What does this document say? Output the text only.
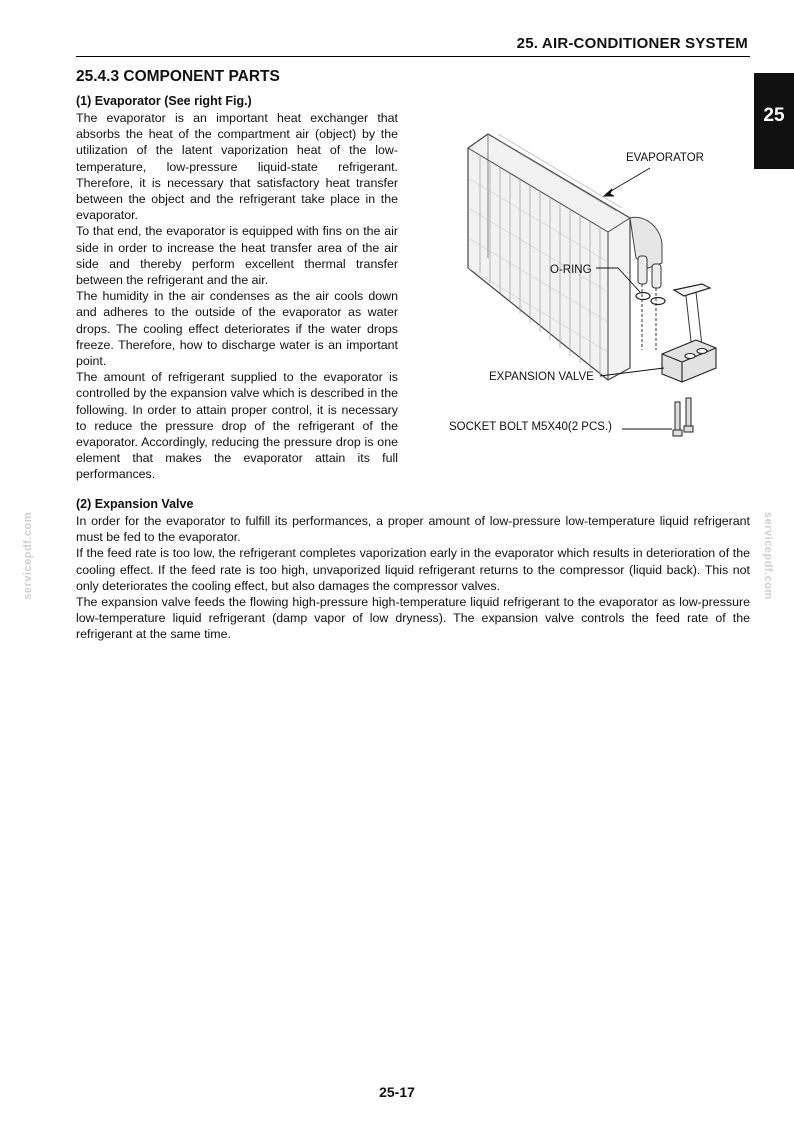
25. AIR-CONDITIONER SYSTEM
25
25.4.3 COMPONENT PARTS
(1) Evaporator (See right Fig.)

The evaporator is an important heat exchanger that absorbs the heat of the compartment air (object) by the utilization of the latent vaporization heat of the low-temperature, low-pressure liquid-state refrigerant. Therefore, it is necessary that satisfactory heat transfer between the object and the refrigerant take place in the evaporator.

To that end, the evaporator is equipped with fins on the air side in order to increase the heat transfer area of the air side and thereby perform excellent thermal transfer between the refrigerant and the air.

The humidity in the air condenses as the air cools down and adheres to the outside of the evaporator as water drops. The cooling effect deteriorates if the water drops freeze. Therefore, how to discharge water is an important point.

The amount of refrigerant supplied to the evaporator is controlled by the expansion valve which is described in the following. In order to attain proper control, it is necessary to reduce the pressure drop of the refrigerant of the evaporator. Accordingly, reducing the pressure drop is one element that makes the evaporator attain its full performances.

EVAPORATOR
O-RING
EXPANSION VALVE
SOCKET BOLT M5X40(2 PCS.)
(2) Expansion Valve

In order for the evaporator to fulfill its performances, a proper amount of low-pressure low-temperature liquid refrigerant must be fed to the evaporator.

If the feed rate is too low, the refrigerant completes vaporization early in the evaporator which results in deterioration of the cooling effect. If the feed rate is too high, unvaporized liquid refrigerant returns to the compressor (liquid back). This not only deteriorates the cooling effect, but also damages the compressor valves.

The expansion valve feeds the flowing high-pressure high-temperature liquid refrigerant to the evaporator as low-pressure low-temperature liquid refrigerant (damp vapor of low dryness). The expansion valve controls the feed rate of the refrigerant at the same time.

servicepdf.com	servicepdf.com
25-17
